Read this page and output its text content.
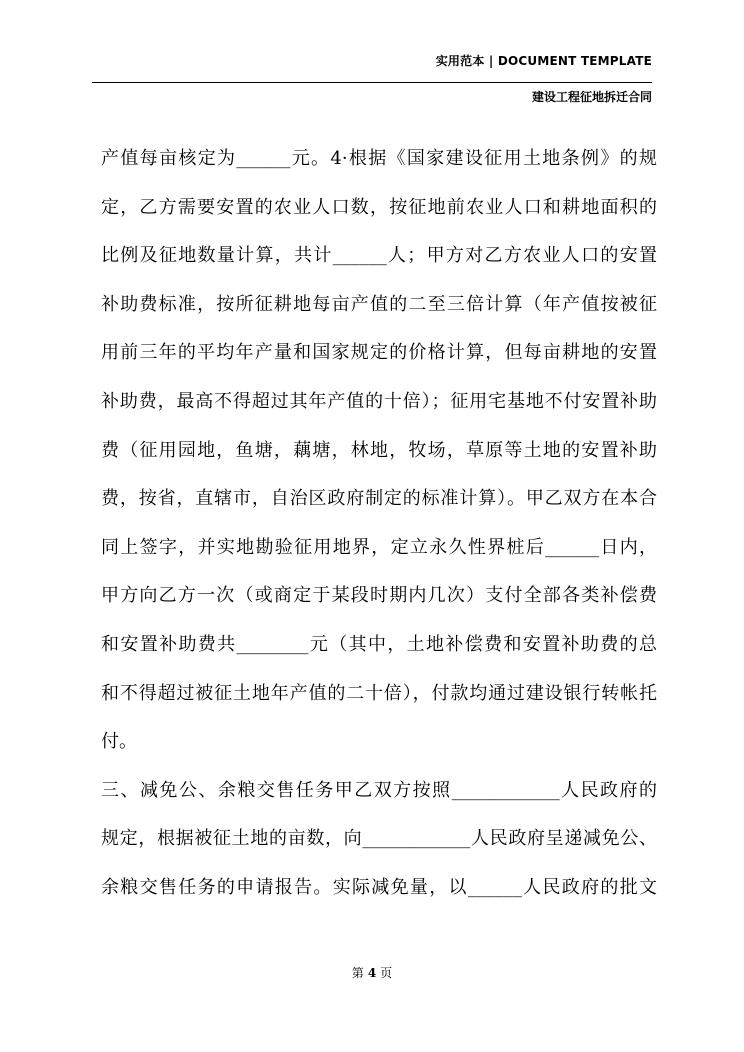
实用范本 | DOCUMENT TEMPLATE
建设工程征地拆迁合同
产值每亩核定为______元。4·根据《国家建设征用土地条例》的规
定，乙方需要安置的农业人口数，按征地前农业人口和耕地面积的
比例及征地数量计算，共计______人；甲方对乙方农业人口的安置
补助费标准，按所征耕地每亩产值的二至三倍计算（年产值按被征
用前三年的平均年产量和国家规定的价格计算，但每亩耕地的安置
补助费，最高不得超过其年产值的十倍）；征用宅基地不付安置补助
费（征用园地，鱼塘，藕塘，林地，牧场，草原等土地的安置补助
费，按省，直辖市，自治区政府制定的标准计算）。甲乙双方在本合
同上签字，并实地勘验征用地界，定立永久性界桩后______日内，
甲方向乙方一次（或商定于某段时期内几次）支付全部各类补偿费
和安置补助费共________元（其中，土地补偿费和安置补助费的总
和不得超过被征土地年产值的二十倍），付款均通过建设银行转帐托
付。
三、减免公、余粮交售任务甲乙双方按照____________人民政府的
规定，根据被征土地的亩数，向____________人民政府呈递减免公、
余粮交售任务的申请报告。实际减免量，以______人民政府的批文
第 4 页
